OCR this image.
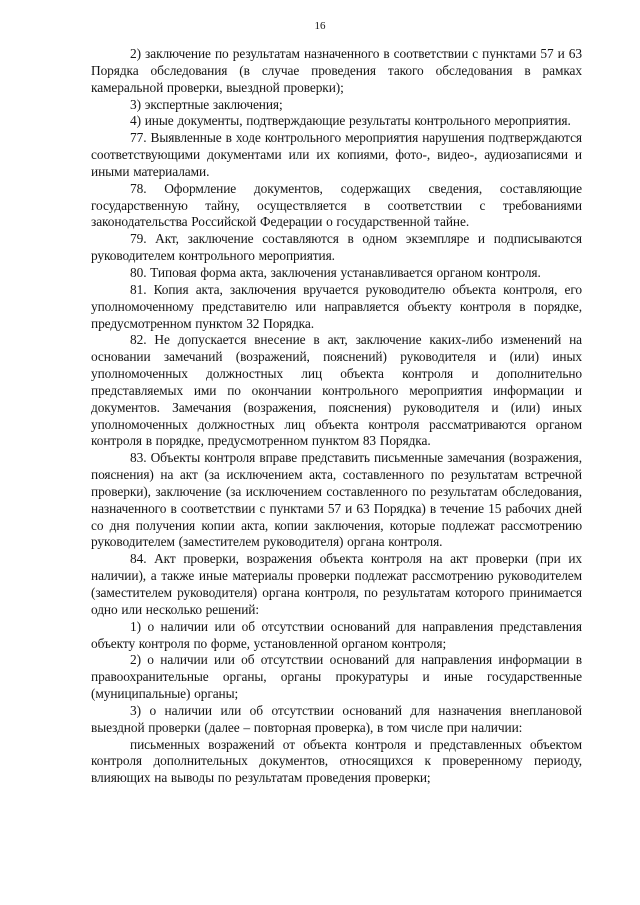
16

2) заключение по результатам назначенного в соответствии с пунктами 57 и 63 Порядка обследования (в случае проведения такого обследования в рамках камеральной проверки, выездной проверки);

3) экспертные заключения;

4) иные документы, подтверждающие результаты контрольного мероприятия.

77. Выявленные в ходе контрольного мероприятия нарушения подтверждаются соответствующими документами или их копиями, фото-, видео-, аудиозаписями и иными материалами.

78. Оформление документов, содержащих сведения, составляющие государственную тайну, осуществляется в соответствии с требованиями законодательства Российской Федерации о государственной тайне.

79. Акт, заключение составляются в одном экземпляре и подписываются руководителем контрольного мероприятия.

80. Типовая форма акта, заключения устанавливается органом контроля.

81. Копия акта, заключения вручается руководителю объекта контроля, его уполномоченному представителю или направляется объекту контроля в порядке, предусмотренном пунктом 32 Порядка.

82. Не допускается внесение в акт, заключение каких-либо изменений на основании замечаний (возражений, пояснений) руководителя и (или) иных уполномоченных должностных лиц объекта контроля и дополнительно представляемых ими по окончании контрольного мероприятия информации и документов. Замечания (возражения, пояснения) руководителя и (или) иных уполномоченных должностных лиц объекта контроля рассматриваются органом контроля в порядке, предусмотренном пунктом 83 Порядка.

83. Объекты контроля вправе представить письменные замечания (возражения, пояснения) на акт (за исключением акта, составленного по результатам встречной проверки), заключение (за исключением составленного по результатам обследования, назначенного в соответствии с пунктами 57 и 63 Порядка) в течение 15 рабочих дней со дня получения копии акта, копии заключения, которые подлежат рассмотрению руководителем (заместителем руководителя) органа контроля.

84. Акт проверки, возражения объекта контроля на акт проверки (при их наличии), а также иные материалы проверки подлежат рассмотрению руководителем (заместителем руководителя) органа контроля, по результатам которого принимается одно или несколько решений:

1) о наличии или об отсутствии оснований для направления представления объекту контроля по форме, установленной органом контроля;

2) о наличии или об отсутствии оснований для направления информации в правоохранительные органы, органы прокуратуры и иные государственные (муниципальные) органы;

3) о наличии или об отсутствии оснований для назначения внеплановой выездной проверки (далее – повторная проверка), в том числе при наличии:

письменных возражений от объекта контроля и представленных объектом контроля дополнительных документов, относящихся к проверенному периоду, влияющих на выводы по результатам проведения проверки;
